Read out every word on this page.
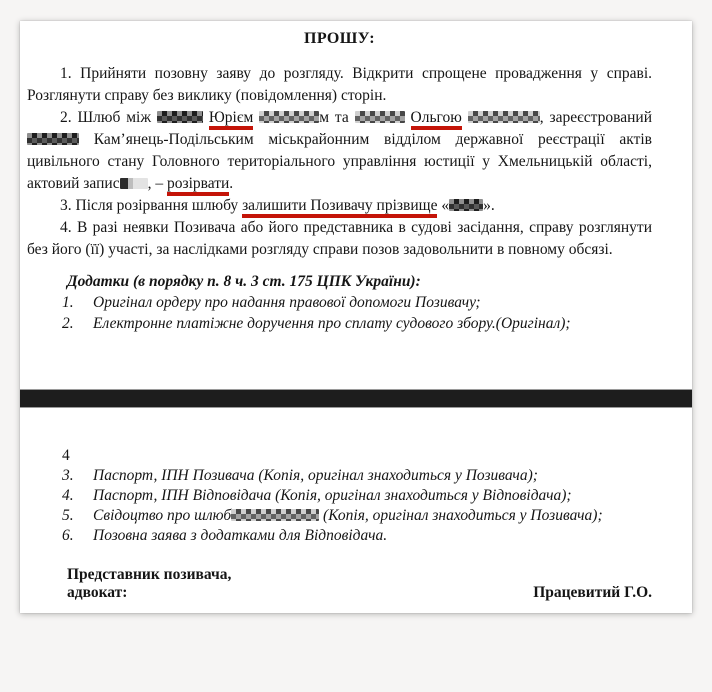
ПРОШУ:

1. Прийняти позовну заяву до розгляду. Відкрити спрощене провадження у справі. Розглянути справу без виклику (повідомлення) сторін.

2. Шлюб між	Юрієм	м та	Ольгою	, зареєстрований  Кам’янець-Подільським міськрайонним відділом державної реєстрації актів цивільного стану Головного територіального управління юстиції у Хмельницькій області, актовий запис , – розірвати.

3. Після розірвання шлюбу залишити Позивачу прізвище « ».

4. В разі неявки Позивача або його представника в судові засідання, справу розглянути без його (її) участі, за наслідками розгляду справи позов задовольнити в повному обсязі.

Додатки (в порядку п. 8 ч. 3 ст. 175 ЦПК України):
1.	Оригінал ордеру про надання правової допомоги Позивачу;
2.	Електронне платіжне доручення про сплату судового збору.(Оригінал);
4
3.	Паспорт, ІПН Позивача (Копія, оригінал знаходиться у Позивача);
4.	Паспорт, ІПН Відповідача (Копія, оригінал знаходиться у Відповідача);
5.	Свідоцтво про шлюб	(Копія, оригінал знаходиться у Позивача);
6.	Позовна заява з додатками для Відповідача.
Представник позивача,
адвокат:	Працевитий Г.О.
